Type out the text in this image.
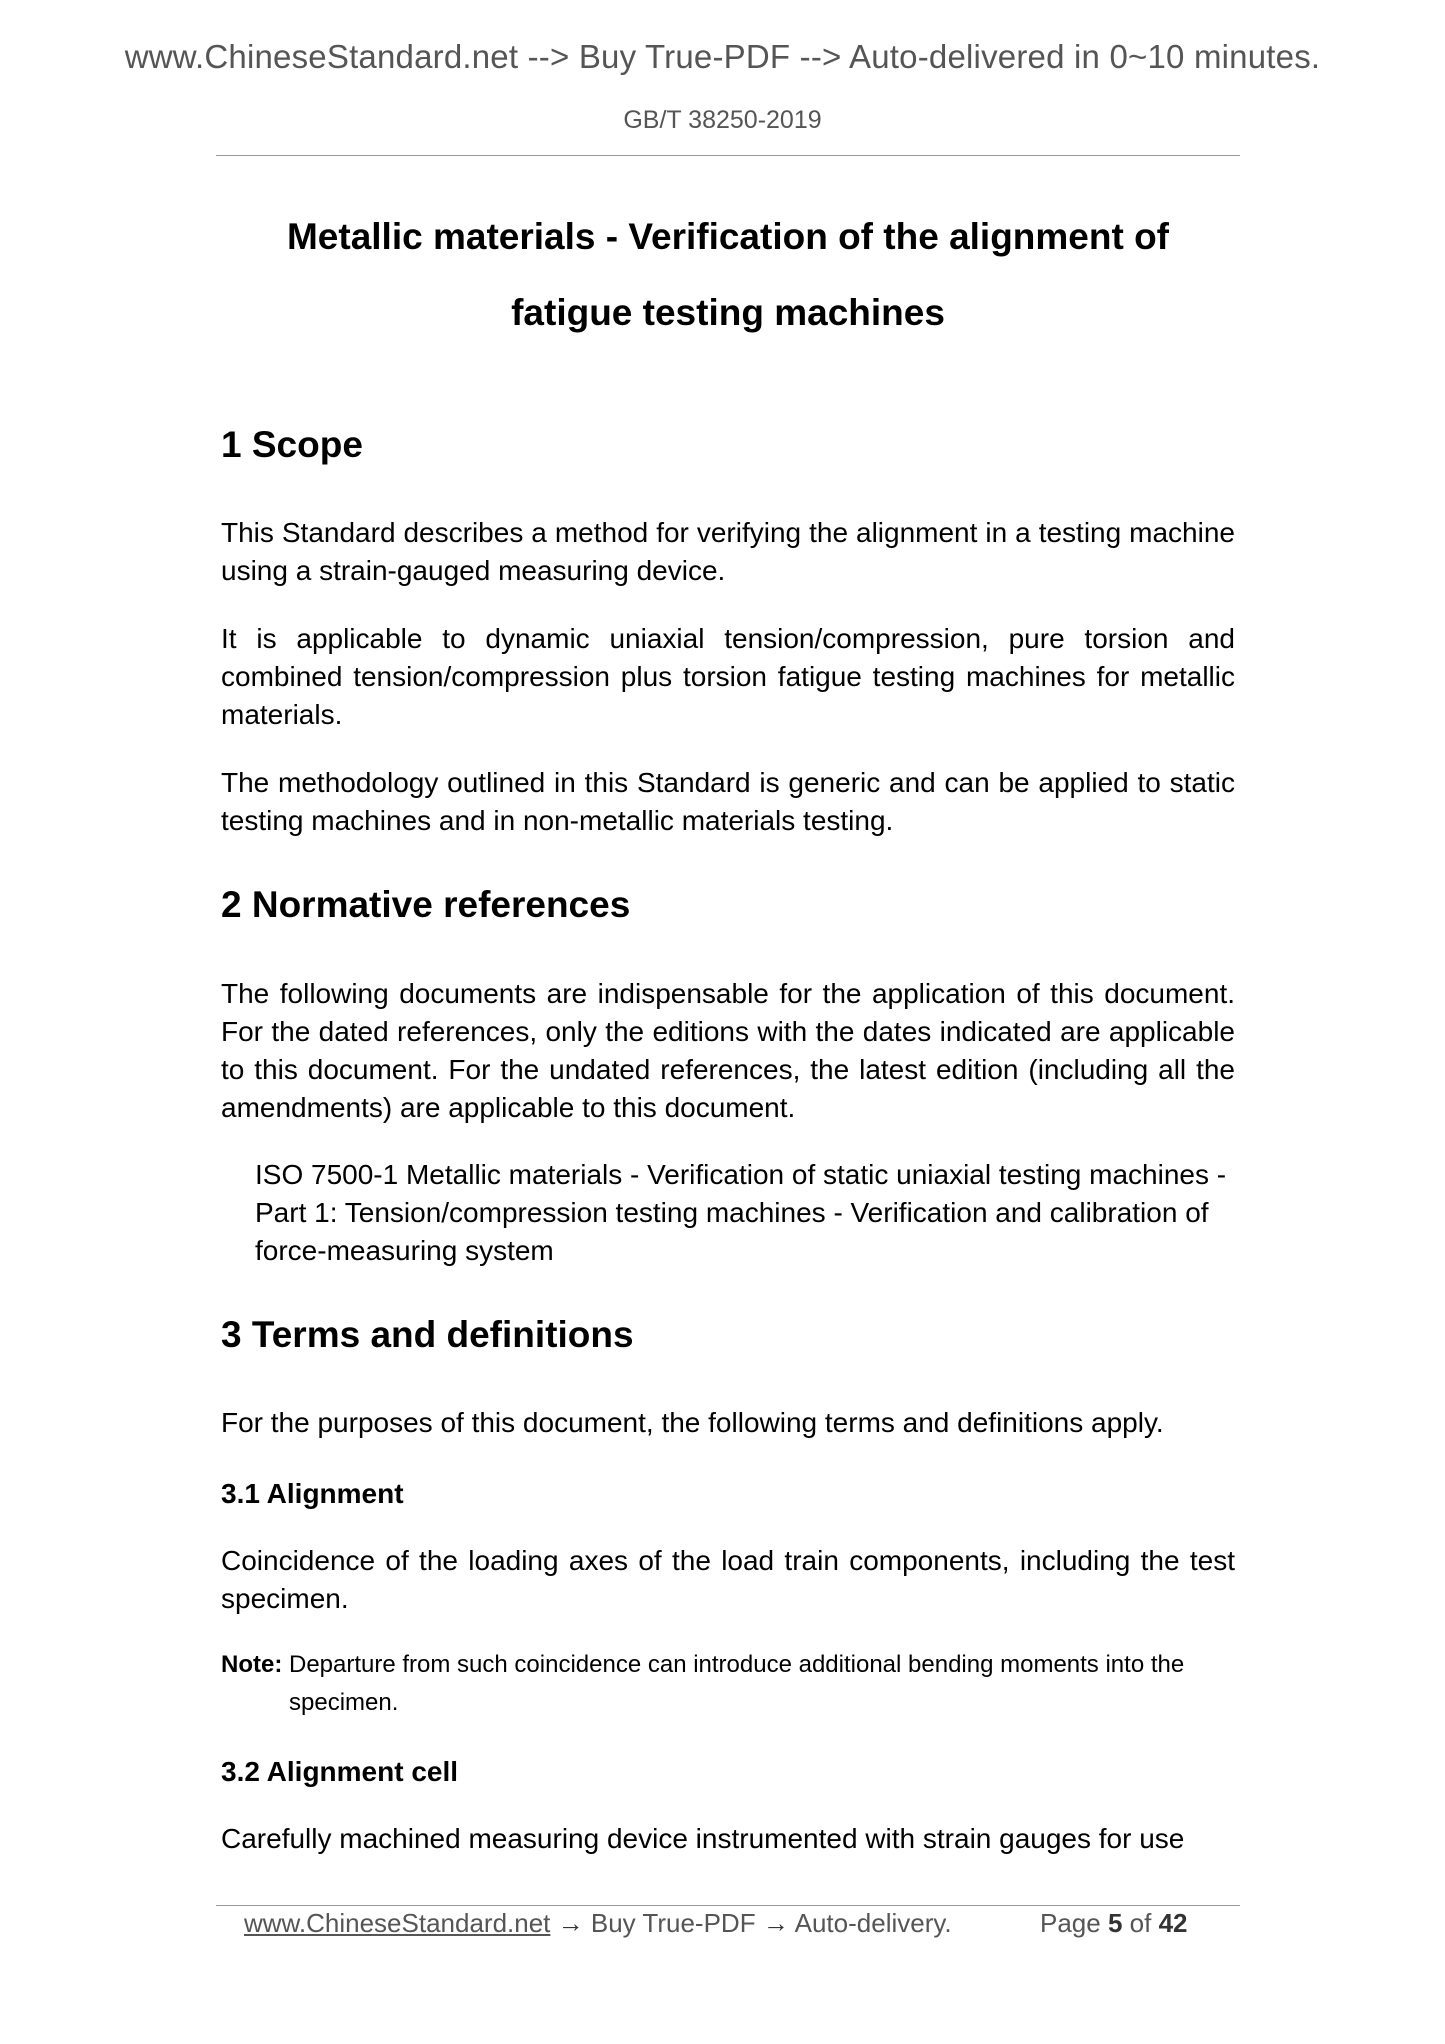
www.ChineseStandard.net --> Buy True-PDF --> Auto-delivered in 0~10 minutes.
GB/T 38250-2019
Metallic materials - Verification of the alignment of
fatigue testing machines
1 Scope

This Standard describes a method for verifying the alignment in a testing machine using a strain-gauged measuring device.

It is applicable to dynamic uniaxial tension/compression, pure torsion and combined tension/compression plus torsion fatigue testing machines for metallic materials.

The methodology outlined in this Standard is generic and can be applied to static testing machines and in non-metallic materials testing.

2 Normative references

The following documents are indispensable for the application of this document. For the dated references, only the editions with the dates indicated are applicable to this document. For the undated references, the latest edition (including all the amendments) are applicable to this document.

ISO 7500-1 Metallic materials - Verification of static uniaxial testing machines - Part 1: Tension/compression testing machines - Verification and calibration of force-measuring system

3 Terms and definitions

For the purposes of this document, the following terms and definitions apply.

3.1 Alignment

Coincidence of the loading axes of the load train components, including the test specimen.

Note: Departure from such coincidence can introduce additional bending moments into the
specimen.
3.2 Alignment cell

Carefully machined measuring device instrumented with strain gauges for use

www.ChineseStandard.net → Buy True-PDF → Auto-delivery.	Page 5 of 42
